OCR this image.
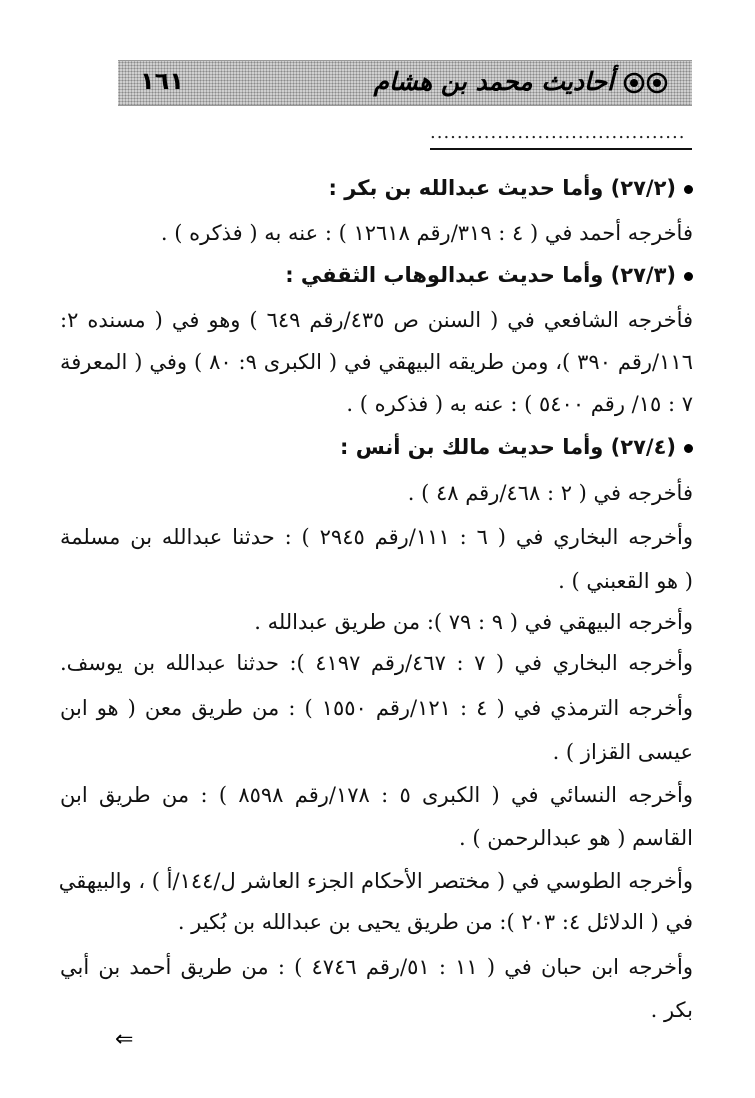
أحاديث محمد بن هشام
١٦١
......................................
(٢٧/٢) وأما حديث عبدالله بن بكر :
فأخرجه أحمد في ( ٤ : ٣١٩/رقم ١٢٦١٨ ) : عنه به ( فذكره ) .
(٢٧/٣) وأما حديث عبدالوهاب الثقفي :
فأخرجه الشافعي في ( السنن ص ٤٣٥/رقم ٦٤٩ ) وهو في ( مسنده ٢:
١١٦/رقم ٣٩٠ )، ومن طريقه البيهقي في ( الكبرى ٩: ٨٠ ) وفي ( المعرفة
٧ : ١٥/ رقم ٥٤٠٠ ) : عنه به ( فذكره ) .
(٢٧/٤) وأما حديث مالك بن أنس :
فأخرجه في ( ٢ : ٤٦٨/رقم ٤٨ ) .
وأخرجه البخاري في ( ٦ : ١١١/رقم ٢٩٤٥ ) : حدثنا عبدالله بن مسلمة
( هو القعبني ) .
وأخرجه البيهقي في ( ٩ : ٧٩ ): من طريق عبدالله .
وأخرجه البخاري في ( ٧ : ٤٦٧/رقم ٤١٩٧ ): حدثنا عبدالله بن يوسف.
وأخرجه الترمذي في ( ٤ : ١٢١/رقم ١٥٥٠ ) : من طريق معن ( هو ابن
عيسى القزاز ) .
وأخرجه النسائي في ( الكبرى ٥ : ١٧٨/رقم ٨٥٩٨ ) : من طريق ابن
القاسم ( هو عبدالرحمن ) .
وأخرجه الطوسي في ( مختصر الأحكام الجزء العاشر ل/١٤٤/أ ) ، والبيهقي
في ( الدلائل ٤: ٢٠٣ ): من طريق يحيى بن عبدالله بن بُكير .
وأخرجه ابن حبان في ( ١١ : ٥١/رقم ٤٧٤٦ ) : من طريق أحمد بن أبي
بكر .
⇐
